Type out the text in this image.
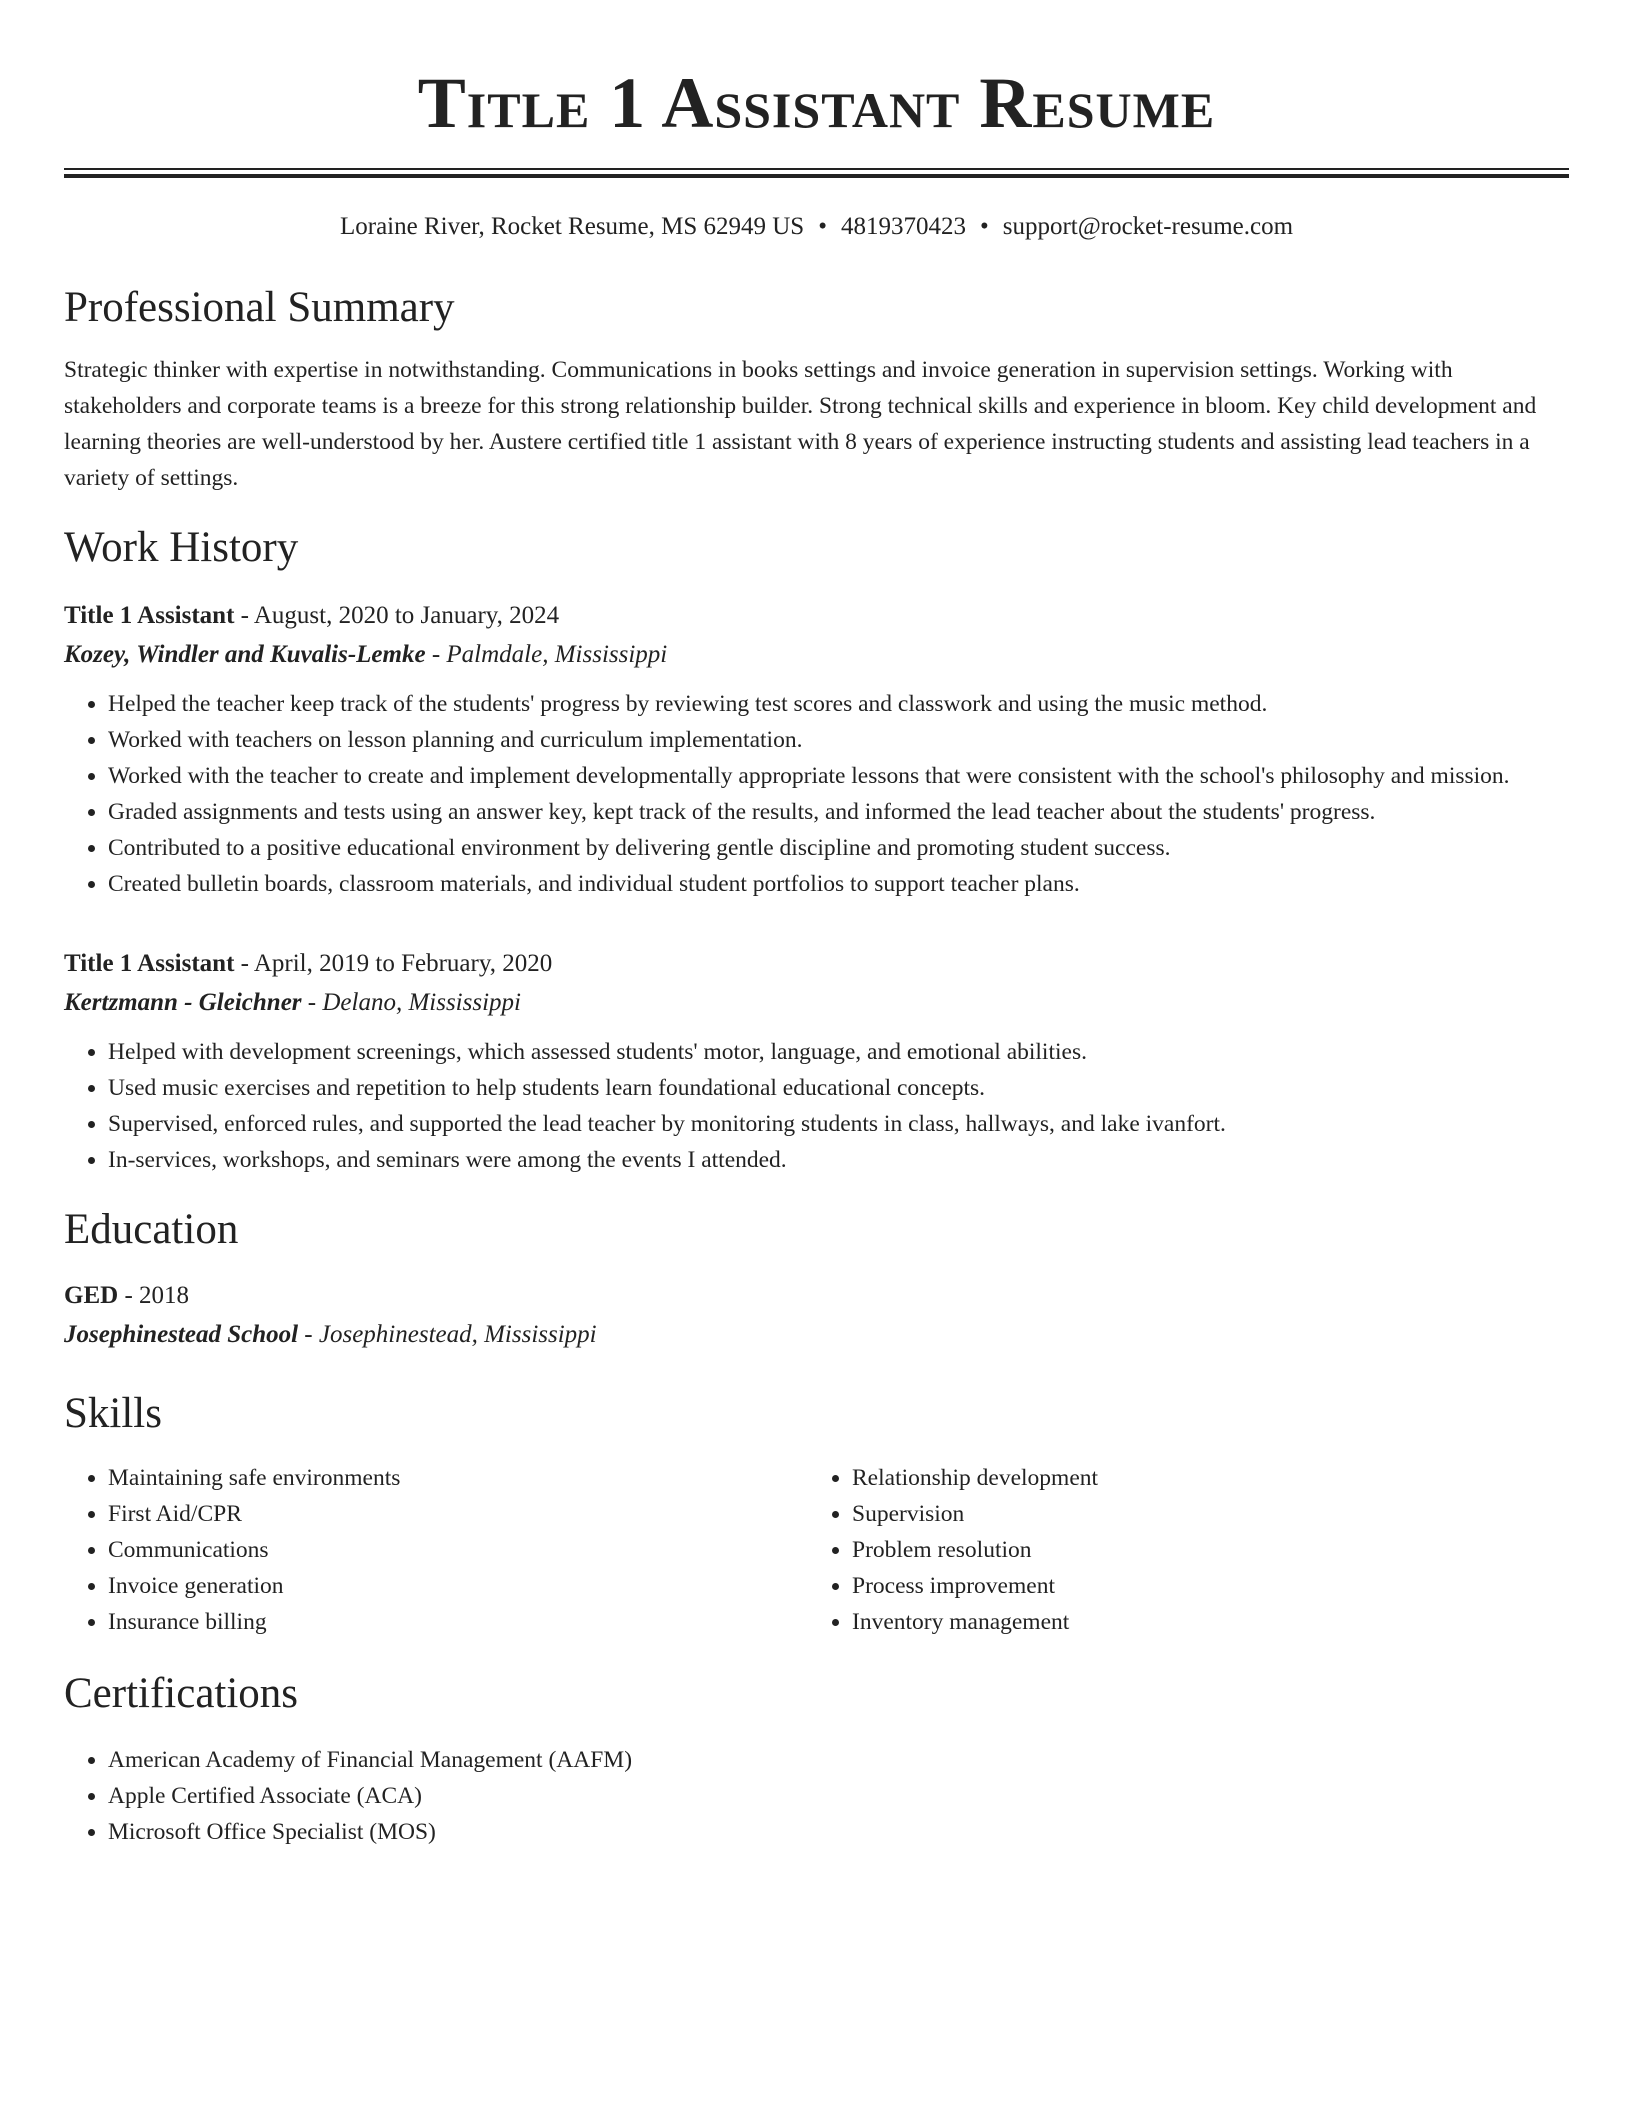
Title 1 Assistant Resume
Loraine River, Rocket Resume, MS 62949 US • 4819370423 • support@rocket-resume.com
Professional Summary

Strategic thinker with expertise in notwithstanding. Communications in books settings and invoice generation in supervision settings. Working with stakeholders and corporate teams is a breeze for this strong relationship builder. Strong technical skills and experience in bloom. Key child development and learning theories are well-understood by her. Austere certified title 1 assistant with 8 years of experience instructing students and assisting lead teachers in a variety of settings.

Work History
Title 1 Assistant - August, 2020 to January, 2024
Kozey, Windler and Kuvalis-Lemke - Palmdale, Mississippi
• Helped the teacher keep track of the students' progress by reviewing test scores and classwork and using the music method.
• Worked with teachers on lesson planning and curriculum implementation.
• Worked with the teacher to create and implement developmentally appropriate lessons that were consistent with the school's philosophy and mission.
• Graded assignments and tests using an answer key, kept track of the results, and informed the lead teacher about the students' progress.
• Contributed to a positive educational environment by delivering gentle discipline and promoting student success.
• Created bulletin boards, classroom materials, and individual student portfolios to support teacher plans.
Title 1 Assistant - April, 2019 to February, 2020
Kertzmann - Gleichner - Delano, Mississippi
• Helped with development screenings, which assessed students' motor, language, and emotional abilities.
• Used music exercises and repetition to help students learn foundational educational concepts.
• Supervised, enforced rules, and supported the lead teacher by monitoring students in class, hallways, and lake ivanfort.
• In-services, workshops, and seminars were among the events I attended.
Education
GED - 2018
Josephinestead School - Josephinestead, Mississippi
Skills
• Maintaining safe environments
• First Aid/CPR
• Communications
• Invoice generation
• Insurance billing
• Relationship development
• Supervision
• Problem resolution
• Process improvement
• Inventory management
Certifications
• American Academy of Financial Management (AAFM)
• Apple Certified Associate (ACA)
• Microsoft Office Specialist (MOS)
